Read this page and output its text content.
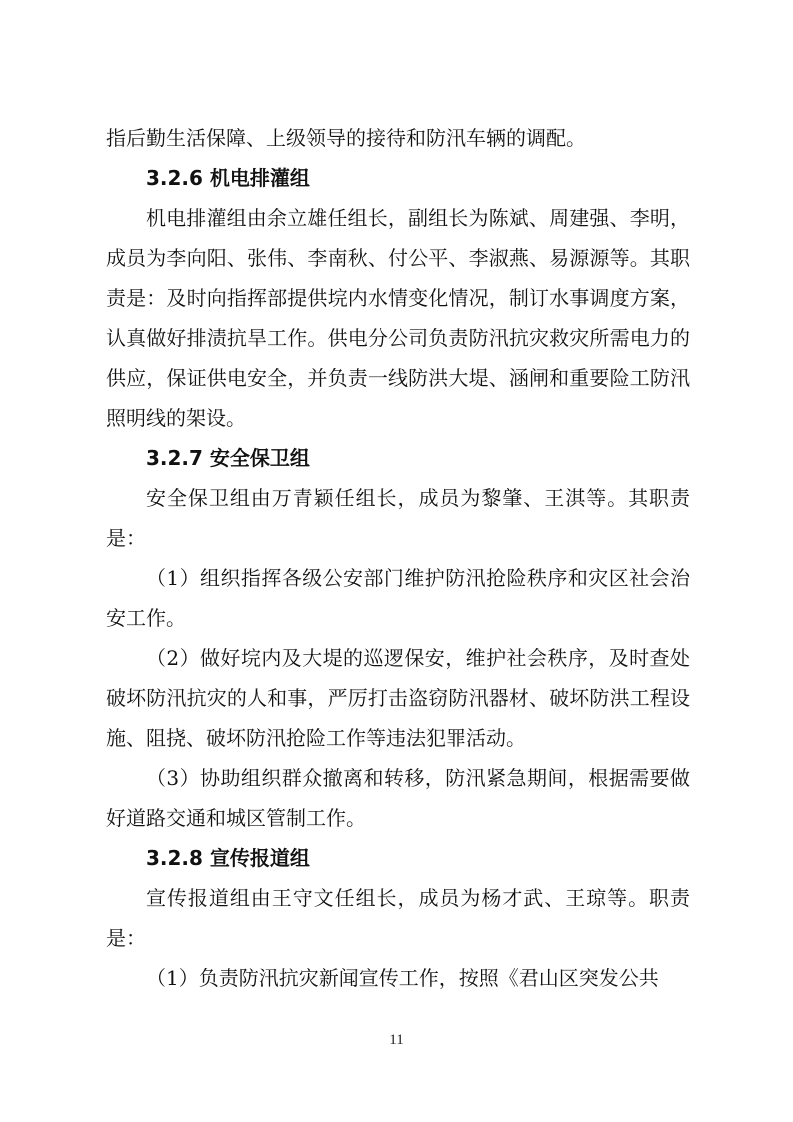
指后勤生活保障、上级领导的接待和防汛车辆的调配。

3.2.6 机电排灌组

机电排灌组由余立雄任组长，副组长为陈斌、周建强、李明，成员为李向阳、张伟、李南秋、付公平、李淑燕、易源源等。其职责是：及时向指挥部提供垸内水情变化情况，制订水事调度方案，认真做好排渍抗旱工作。供电分公司负责防汛抗灾救灾所需电力的供应，保证供电安全，并负责一线防洪大堤、涵闸和重要险工防汛照明线的架设。

3.2.7 安全保卫组

安全保卫组由万青颖任组长，成员为黎肇、王淇等。其职责是：

（1）组织指挥各级公安部门维护防汛抢险秩序和灾区社会治安工作。

（2）做好垸内及大堤的巡逻保安，维护社会秩序，及时查处破坏防汛抗灾的人和事，严厉打击盗窃防汛器材、破坏防洪工程设施、阻挠、破坏防汛抢险工作等违法犯罪活动。

（3）协助组织群众撤离和转移，防汛紧急期间，根据需要做好道路交通和城区管制工作。

3.2.8 宣传报道组

宣传报道组由王守文任组长，成员为杨才武、王琼等。职责是：

（1）负责防汛抗灾新闻宣传工作，按照《君山区突发公共

11
